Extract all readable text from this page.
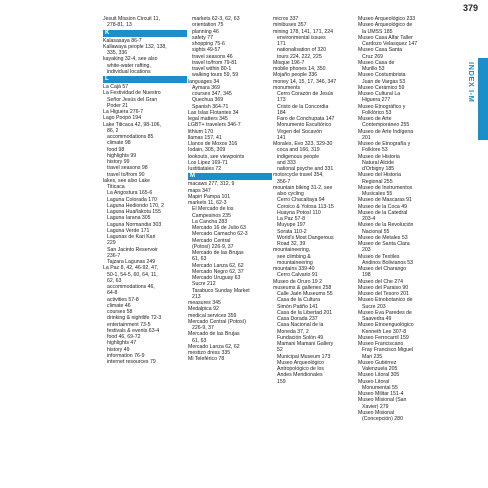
379
INDEX I-M
Jesuit Mission Circuit 11,
278-81, 13
K
Kalasasaya 86-7
Kallawaya people 132, 138,
335, 336
kayaking 32-4, see also
white-water rafting,
individual locations
L
La Cajá 57
La Festividad de Nuestro
Señor Jesús del Gran
Poder 21
La Higuera 276-7
Lago Poopó 194
Lake Titicaca 42, 98-106,
86, 2
accommodations 85
climate 98
food 98
highlights 99
history 99
travel seasons 98
travel to/from 90
lakes, see also Lake
Titicaca
La Angostura 165-6
Laguna Colorada 170
Laguna Hediondo 170, 2
Laguna Huañakota 155
Laguna Iarana 305
Laguna Normandia 303
Laguna Verde 171
Lagunas de Kari Kari
229
San Jacinto Reservoir
236-7
Tajzara Lagunas 249
La Paz 8, 42, 46-92, 47,
50-1, 54-5, 60, 64, 11,
62, 63
accommodations 46,
64-8
activities 57-8
climate 46
courses 58
drinking & nightlife 72-3
entertainment 73-5
festivals & events 63-4
food 46, 69-72
highlights 47
history 49
information 76-9
internet resources 79
markets 62-3, 62, 63
orientation 75
planning 46
safety 77
shopping 75-6
sights 49-57
travel seasons 46
travel to/from 79-81
travel within 80-1
walking tours 59, 59
languages 34
Aymara 369
courses 347, 345
Quechua 369
Spanish 364-71
Las Islas Flotantes 34
legal matters 345
LGBT+ travelers 346-7
lithium 170
llamas 157, 41
Llanos de Moxos 316
Iodain, 305, 309
lookouts, see viewpoints
Los Lipez 169-71
Iustitiatales 72
M
macaws 277, 312, 9
maps 347
Mapiri Pampa 101
markets 11, 62-3
El Mercado de los
Campesinos 235
La Cancha 283
Mercado 16 de Julio 63
Mercado Camacho 62-3
Mercado Central
(Potosí) 226-9, 37
Mercado de las Brujas
61, 63
Mercado Lanza 62, 62
Mercado Negro 62, 37
Mercado Uruguay 63
Sucre 212
Tarabuco Sunday Market
213
measures 345
Medalpica 92
medical services 359
Mercado Central (Potosí)
226-9, 37
Mercado de las Brujas
61, 63
Mercado Lanza 62, 62
mestizo dress 335
Mi Teleférico 78
micros 337
minibuses 357
mining 178, 141, 171, 224
environmental issues
171
nationalisation of 320
tours 224, 222, 225
Misque 196-7
mobile phones 14, 350
Mojaño people 336
money 14, 15, 17, 346, 347
monuments
Cerro Corazón de Jesús
173
Cristo de la Concordia
184
Faro de Conchupata 147
Monumento Escultórico
Virgen del Socavón
141
Morales, Evo 323, 329-30
coca and 166, 319
indigenous people
and 333
national psyche and 331
motorcycle travel 354,
356-7
mountain biking 31-2, see
also cycling
Cerro Chacaltaya 94
Coroico & Yolosa 113-15
Huayna Potosí 110
La Paz 57-8
Muyupe 197
Sorata 110-2
World's Most Dangerous
Road 32, 39
mountaineering,
see climbing &
mountaineering
mountains 339-40
Cerro Calvario 91
Museo de Oruro 19 2
museums & galleries 258
Calle Jaén Museums 55
Casa de la Cultura
Simón Patiño 141
Casa de la Libertad 201
Casa Dorada 237
Casa Nacional de la
Moneda 37, 2
Fundación Solón 49
Mamani Mamani Gallery
52
Municipal Museum 173
Museo Arqueológico
Antropológico de los
Andes Meridionales
159
Museo Arqueológico 233
Museo Arqueológico de
la UMSS 185
Museo Casa Alfar Taller
Cardozo Velasquez 147
Museo Casa Santa
Cruz 269
Museo Casa de
Murillo 53
Museo Costumbrista
Juan de Vargas 53
Museo Cerámico 59
Museo Cultural La
Higuera 277
Museo Etnográfico y
Folklórico 53
Museo de Arte
Contemporáneo 255
Museo de Arte Indígena
201
Museo de Etnografía y
Folklore 53
Museo de Historia
Natural Alcide
d'Orbigny 185
Museo del Historia
Regional 255
Museo de Instrumentos
Musicales 55
Museo de Mascaras 91
Museo de la Coca 49
Museo de la Catedral
203-4
Museo de la Revolución
Nacional 55
Museo de Metales 53
Museo de Santa Clara
203
Museo de Textiles
Andinos Bolivianos 53
Museo del Charango
198
Museo del Che 274
Museo del Paraiso 90
Museo del Tesoro 201
Museo Etnobotanico de
Sucre 203
Museo Eva Paredes de
Saavedra 49
Museo Etnoenguológico
Kenneth Lee 307-8
Museo Ferrocarril 159
Museo Franciscano
Fray Francisco Miguel
Mari 235
Museo Gutiérrez
Valenzuela 205
Museo Litoral 305
Museo Litoral
Monumental 55
Museo Militar 151-4
Museo Misional (San
Xavier) 279
Museo Misional
(Concepción) 280
